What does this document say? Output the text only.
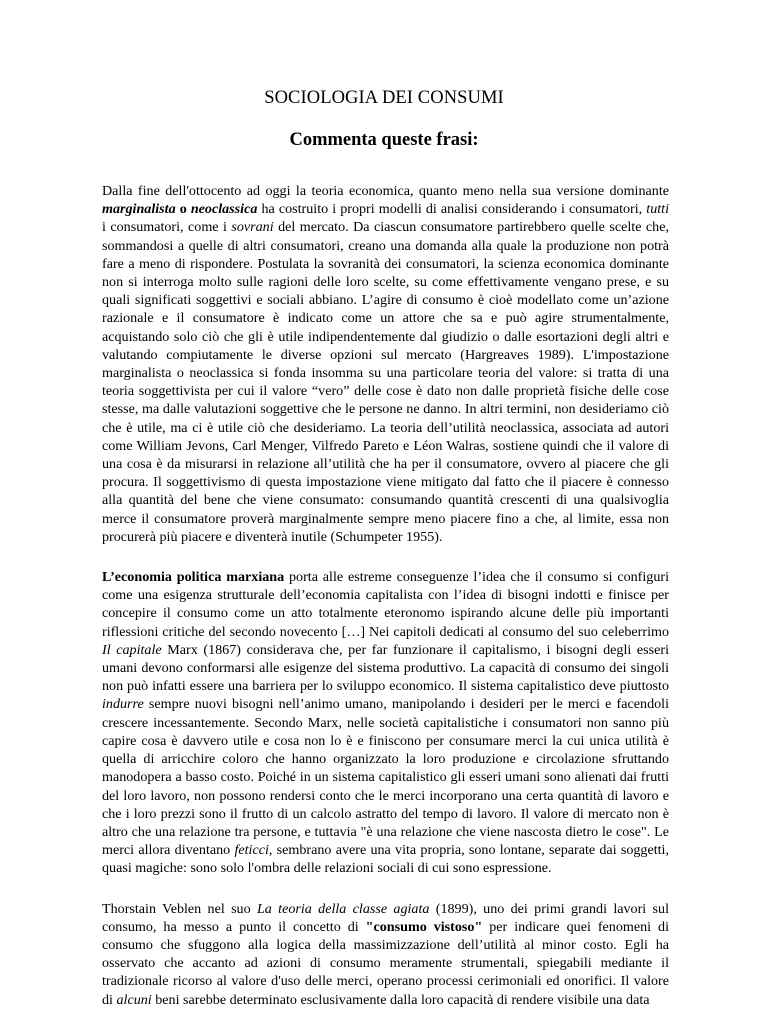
SOCIOLOGIA DEI CONSUMI
Commenta queste frasi:

Dalla fine dell'ottocento ad oggi la teoria economica, quanto meno nella sua versione dominante marginalista o neoclassica ha costruito i propri modelli di analisi considerando i consumatori, tutti i consumatori, come i sovrani del mercato. Da ciascun consumatore partirebbero quelle scelte che, sommandosi a quelle di altri consumatori, creano una domanda alla quale la produzione non potrà fare a meno di rispondere. Postulata la sovranità dei consumatori, la scienza economica dominante non si interroga molto sulle ragioni delle loro scelte, su come effettivamente vengano prese, e su quali significati soggettivi e sociali abbiano. L’agire di consumo è cioè modellato come un’azione razionale e il consumatore è indicato come un attore che sa e può agire strumentalmente, acquistando solo ciò che gli è utile indipendentemente dal giudizio o dalle esortazioni degli altri e valutando compiutamente le diverse opzioni sul mercato (Hargreaves 1989). L'impostazione marginalista o neoclassica si fonda insomma su una particolare teoria del valore: si tratta di una teoria soggettivista per cui il valore “vero” delle cose è dato non dalle proprietà fisiche delle cose stesse, ma dalle valutazioni soggettive che le persone ne danno. In altri termini, non desideriamo ciò che è utile, ma ci è utile ciò che desideriamo. La teoria dell’utilità neoclassica, associata ad autori come William Jevons, Carl Menger, Vilfredo Pareto e Léon Walras, sostiene quindi che il valore di una cosa è da misurarsi in relazione all’utilità che ha per il consumatore, ovvero al piacere che gli procura. Il soggettivismo di questa impostazione viene mitigato dal fatto che il piacere è connesso alla quantità del bene che viene consumato: consumando quantità crescenti di una qualsivoglia merce il consumatore proverà marginalmente sempre meno piacere fino a che, al limite, essa non procurerà più piacere e diventerà inutile (Schumpeter 1955).

L’economia politica marxiana porta alle estreme conseguenze l’idea che il consumo si configuri come una esigenza strutturale dell’economia capitalista con l’idea di bisogni indotti e finisce per concepire il consumo come un atto totalmente eteronomo ispirando alcune delle più importanti riflessioni critiche del secondo novecento […] Nei capitoli dedicati al consumo del suo celeberrimo Il capitale Marx (1867) considerava che, per far funzionare il capitalismo, i bisogni degli esseri umani devono conformarsi alle esigenze del sistema produttivo. La capacità di consumo dei singoli non può infatti essere una barriera per lo sviluppo economico. Il sistema capitalistico deve piuttosto indurre sempre nuovi bisogni nell’animo umano, manipolando i desideri per le merci e facendoli crescere incessantemente. Secondo Marx, nelle società capitalistiche i consumatori non sanno più capire cosa è davvero utile e cosa non lo è e finiscono per consumare merci la cui unica utilità è quella di arricchire coloro che hanno organizzato la loro produzione e circolazione sfruttando manodopera a basso costo. Poiché in un sistema capitalistico gli esseri umani sono alienati dai frutti del loro lavoro, non possono rendersi conto che le merci incorporano una certa quantità di lavoro e che i loro prezzi sono il frutto di un calcolo astratto del tempo di lavoro. Il valore di mercato non è altro che una relazione tra persone, e tuttavia "è una relazione che viene nascosta dietro le cose". Le merci allora diventano feticci, sembrano avere una vita propria, sono lontane, separate dai soggetti, quasi magiche: sono solo l'ombra delle relazioni sociali di cui sono espressione.

Thorstain Veblen nel suo La teoria della classe agiata (1899), uno dei primi grandi lavori sul consumo, ha messo a punto il concetto di "consumo vistoso" per indicare quei fenomeni di consumo che sfuggono alla logica della massimizzazione dell’utilità al minor costo. Egli ha osservato che accanto ad azioni di consumo meramente strumentali, spiegabili mediante il tradizionale ricorso al valore d'uso delle merci, operano processi cerimoniali ed onorifici. Il valore di alcuni beni sarebbe determinato esclusivamente dalla loro capacità di rendere visibile una data
